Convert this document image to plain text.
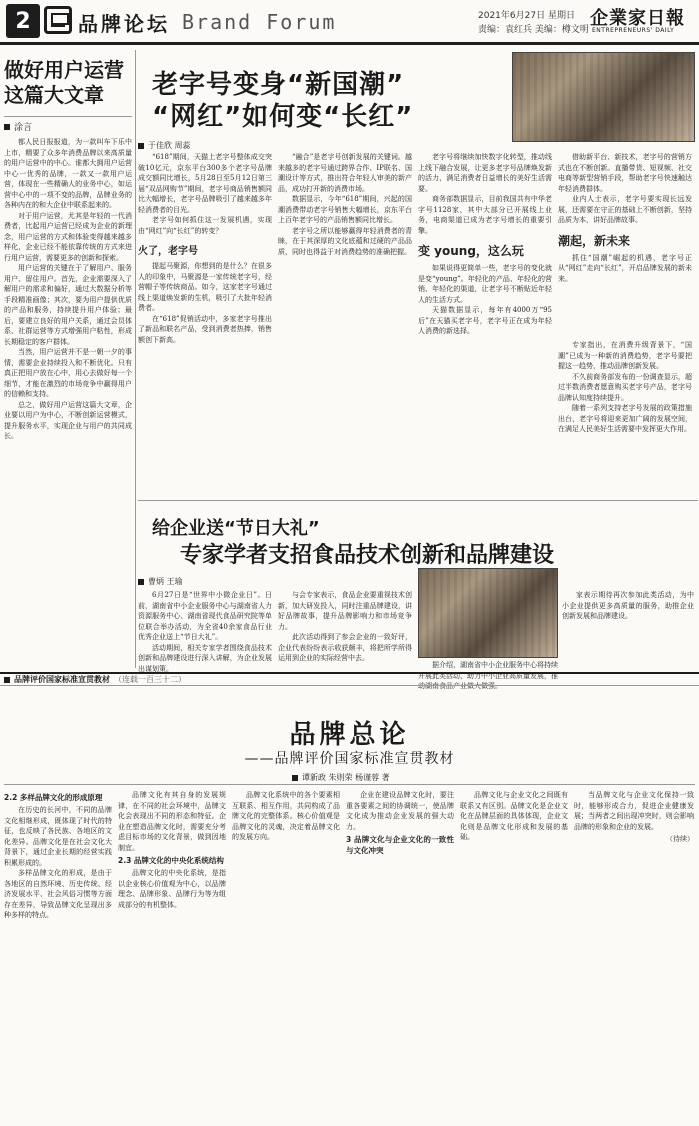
2	品牌论坛 Brand Forum	2021年6月27日 星期日
责编：袁红兵 美编：樽文明
企業家日報
ENTREPRENEURS' DAILY
做好用户运营
这篇大文章
涂言

都人民日报报道，为一款叫车下乐中上市，精要了众多年消费品牌以来高质量的用户运营中的中心。谁都大拥用户运营中心一优秀的品牌，一款又一款用户运营，体现在一些精确人的业务中心，如运营中心中的一项不变的品牌，品牌业务的各种内在的和大企业中联系起来的。

对于用户运营，尤其是年轻的一代消费者，比起用户运营已经成为企业的新理念，用户运营的方式和体验变得越来越多样化，企业已经不能依靠传统的方式来进行用户运营，需要更多的创新和探索。

用户运营的关键在于了解用户、服务用户、留住用户。首先，企业需要深入了解用户的需求和偏好，通过大数据分析等手段精准画像；其次，要为用户提供优质的产品和服务，持续提升用户体验；最后，要建立良好的用户关系，通过会员体系、社群运营等方式增强用户粘性，形成长期稳定的客户群体。

当然，用户运营并不是一朝一夕的事情，需要企业持续投入和不断优化。只有真正把用户放在心中，用心去做好每一个细节，才能在激烈的市场竞争中赢得用户的信赖和支持。

总之，做好用户运营这篇大文章，企业要以用户为中心，不断创新运营模式，提升服务水平，实现企业与用户的共同成长。

老字号变身“新国潮”
“网红”如何变“长红”
于佳欣 周蕊

“618”期间，天猫上老字号整体成交突破10亿元，京东平台300多个老字号品牌成交额同比增长，5月28日至5月12日第三届“双品网购节”期间，老字号商品销售额同比大幅增长，老字号品牌吸引了越来越多年轻消费者的目光。

老字号如何抓住这一发展机遇，实现由“网红”向“长红”的转变？

火了，老字号

提起马聚源，你想到的是什么？在很多人的印象中，马聚源是一家传统老字号，经营帽子等传统商品。如今，这家老字号通过线上渠道焕发新的生机，吸引了大批年轻消费者。

在“618”促销活动中，多家老字号推出了新品和联名产品，受到消费者热捧，销售额创下新高。

“融合”是老字号创新发展的关键词。越来越多的老字号通过跨界合作、IP联名、国潮设计等方式，推出符合年轻人审美的新产品，成功打开新的消费市场。

数据显示，今年“618”期间，兴起的国潮消费带动老字号销售大幅增长，京东平台上百年老字号的产品销售额同比增长。

老字号之所以能够赢得年轻消费者的青睐，在于其深厚的文化底蕴和过硬的产品品质，同时也得益于对消费趋势的准确把握。

老字号将继续加快数字化转型，推动线上线下融合发展，让更多老字号品牌焕发新的活力，满足消费者日益增长的美好生活需要。

商务部数据显示，目前我国共有中华老字号1128家，其中大部分已开展线上业务，电商渠道已成为老字号增长的重要引擎。

变 young，这么玩

如果说得更简单一些，老字号的变化就是变“young”。年轻化的产品、年轻化的营销、年轻化的渠道，让老字号不断贴近年轻人的生活方式。

天猫数据显示，每年有4000万“95后”在天猫买老字号，老字号正在成为年轻人消费的新选择。

借助新平台、新技术，老字号的营销方式也在不断创新。直播带货、短视频、社交电商等新型营销手段，帮助老字号快速触达年轻消费群体。

业内人士表示，老字号要实现长远发展，还需要在守正的基础上不断创新，坚持品质为本，讲好品牌故事。

潮起，新未来

抓住“国潮”崛起的机遇，老字号正从“网红”走向“长红”，开启品牌发展的新未来。

专家指出，在消费升级背景下，“国潮”已成为一种新的消费趋势，老字号要把握这一趋势，推动品牌创新发展。

不久前商务部发布的一份调查显示，超过半数消费者愿意购买老字号产品，老字号品牌认知度持续提升。

随着一系列支持老字号发展的政策措施出台，老字号将迎来更加广阔的发展空间，在满足人民美好生活需要中发挥更大作用。

给企业送“节日大礼”
专家学者支招食品技术创新和品牌建设
曹炳 王瑜

6月27日是“世界中小微企业日”。日前，湖南省中小企业服务中心与湖南省人力资源服务中心、湖南省现代食品研究院等单位联合举办活动，为全省40余家食品行业优秀企业送上“节日大礼”。

活动期间，相关专家学者围绕食品技术创新和品牌建设进行深入讲解，为企业发展出谋划策。

与会专家表示，食品企业要重视技术创新，加大研发投入，同时注重品牌建设，讲好品牌故事，提升品牌影响力和市场竞争力。

此次活动得到了参会企业的一致好评，企业代表纷纷表示收获颇丰，将把所学所得运用到企业的实际经营中去。

据介绍，湖南省中小企业服务中心将持续开展此类活动，助力中小企业高质量发展，推动湖南食品产业做大做强。

家表示期待再次参加此类活动，为中小企业提供更多高质量的服务，助推企业创新发展和品牌建设。

品牌评价国家标准宣贯教材 （连载一百三十二）
品牌总论
——品牌评价国家标准宣贯教材
谭新政 朱则荣 杨谨蓉 著
2.2 多样品牌文化的形成原理

在历史的长河中，不同的品牌文化相继形成，既体现了时代的特征，也反映了各民族、各地区的文化差异。品牌文化是在社会文化大背景下，通过企业长期的经营实践积累形成的。

多样品牌文化的形成，是由于各地区的自然环境、历史传统、经济发展水平、社会风俗习惯等方面存在差异，导致品牌文化呈现出多种多样的特点。

品牌文化有其自身的发展规律，在不同的社会环境中，品牌文化会表现出不同的形态和特征。企业在塑造品牌文化时，需要充分考虑目标市场的文化背景，做到因地制宜。

2.3 品牌文化的中央化系统结构

品牌文化的中央化系统，是指以企业核心价值观为中心，以品牌理念、品牌形象、品牌行为等为组成部分的有机整体。

品牌文化系统中的各个要素相互联系、相互作用，共同构成了品牌文化的完整体系。核心价值观是品牌文化的灵魂，决定着品牌文化的发展方向。

企业在建设品牌文化时，要注重各要素之间的协调统一，使品牌文化成为推动企业发展的强大动力。

3 品牌文化与企业文化的一致性与文化冲突

品牌文化与企业文化之间既有联系又有区别。品牌文化是企业文化在品牌层面的具体体现，企业文化则是品牌文化形成和发展的基础。

当品牌文化与企业文化保持一致时，能够形成合力，促进企业健康发展；当两者之间出现冲突时，则会影响品牌的形象和企业的发展。

（待续）
